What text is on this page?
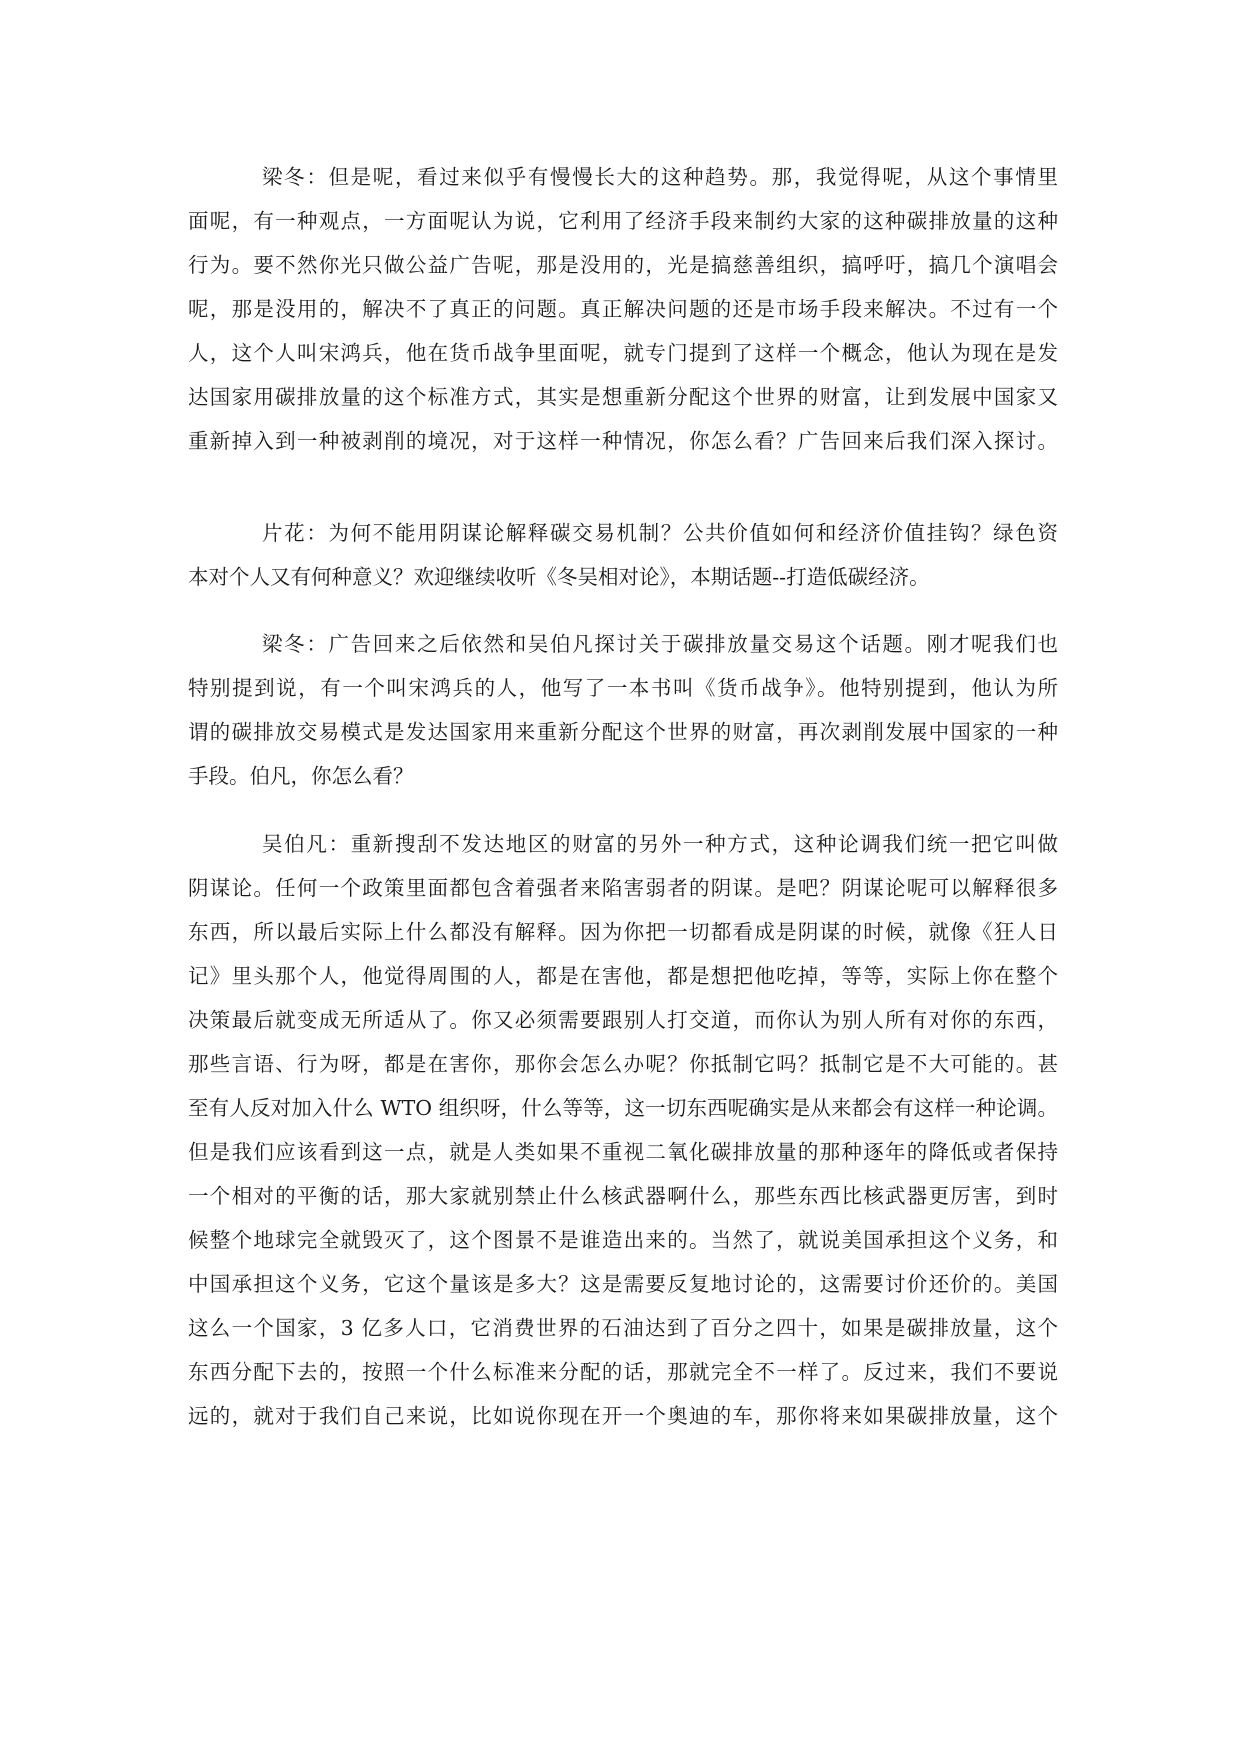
梁冬：但是呢，看过来似乎有慢慢长大的这种趋势。那，我觉得呢，从这个事情里
面呢，有一种观点，一方面呢认为说，它利用了经济手段来制约大家的这种碳排放量的这种
行为。要不然你光只做公益广告呢，那是没用的，光是搞慈善组织，搞呼吁，搞几个演唱会
呢，那是没用的，解决不了真正的问题。真正解决问题的还是市场手段来解决。不过有一个
人，这个人叫宋鸿兵，他在货币战争里面呢，就专门提到了这样一个概念，他认为现在是发
达国家用碳排放量的这个标准方式，其实是想重新分配这个世界的财富，让到发展中国家又
重新掉入到一种被剥削的境况，对于这样一种情况，你怎么看？广告回来后我们深入探讨。
片花：为何不能用阴谋论解释碳交易机制？公共价值如何和经济价值挂钩？绿色资
本对个人又有何种意义？欢迎继续收听《冬吴相对论》，本期话题--打造低碳经济。
梁冬：广告回来之后依然和吴伯凡探讨关于碳排放量交易这个话题。刚才呢我们也
特别提到说，有一个叫宋鸿兵的人，他写了一本书叫《货币战争》。他特别提到，他认为所
谓的碳排放交易模式是发达国家用来重新分配这个世界的财富，再次剥削发展中国家的一种
手段。伯凡，你怎么看？
吴伯凡：重新搜刮不发达地区的财富的另外一种方式，这种论调我们统一把它叫做
阴谋论。任何一个政策里面都包含着强者来陷害弱者的阴谋。是吧？阴谋论呢可以解释很多
东西，所以最后实际上什么都没有解释。因为你把一切都看成是阴谋的时候，就像《狂人日
记》里头那个人，他觉得周围的人，都是在害他，都是想把他吃掉，等等，实际上你在整个
决策最后就变成无所适从了。你又必须需要跟别人打交道，而你认为别人所有对你的东西，
那些言语、行为呀，都是在害你，那你会怎么办呢？你抵制它吗？抵制它是不大可能的。甚
至有人反对加入什么 WTO 组织呀，什么等等，这一切东西呢确实是从来都会有这样一种论调。
但是我们应该看到这一点，就是人类如果不重视二氧化碳排放量的那种逐年的降低或者保持
一个相对的平衡的话，那大家就别禁止什么核武器啊什么，那些东西比核武器更厉害，到时
候整个地球完全就毁灭了，这个图景不是谁造出来的。当然了，就说美国承担这个义务，和
中国承担这个义务，它这个量该是多大？这是需要反复地讨论的，这需要讨价还价的。美国
这么一个国家，3 亿多人口，它消费世界的石油达到了百分之四十，如果是碳排放量，这个
东西分配下去的，按照一个什么标准来分配的话，那就完全不一样了。反过来，我们不要说
远的，就对于我们自己来说，比如说你现在开一个奥迪的车，那你将来如果碳排放量，这个
